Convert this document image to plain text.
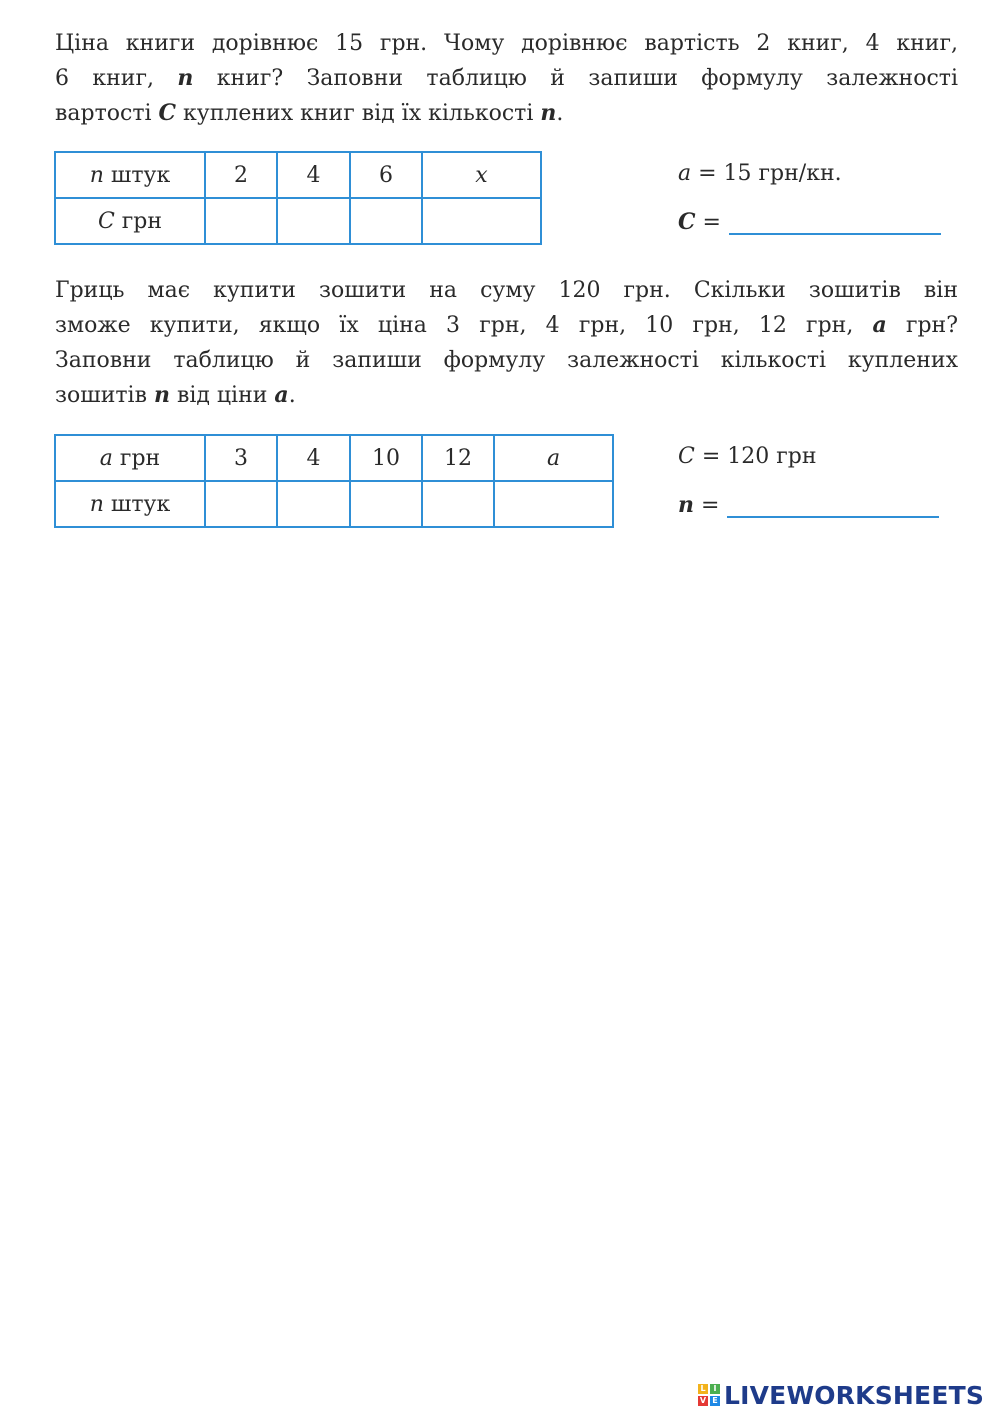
Ціна книги дорівнює 15 грн. Чому дорівнює вартість 2 книг, 4 книг,
6 книг, n книг? Заповни таблицю й запиши формулу залежності
вартості C куплених книг від їх кількості n.
n штук	2	4	6	x
C грн				
a = 15 грн/кн.
C =
Гриць має купити зошити на суму 120 грн. Скільки зошитів він
зможе купити, якщо їх ціна 3 грн, 4 грн, 10 грн, 12 грн, a грн?
Заповни таблицю й запиши формулу залежності кількості куплених
зошитів n від ціни a.
a грн	3	4	10	12	a
n штук					
C = 120 грн
n =
L I
V E LIVEWORKSHEETS
